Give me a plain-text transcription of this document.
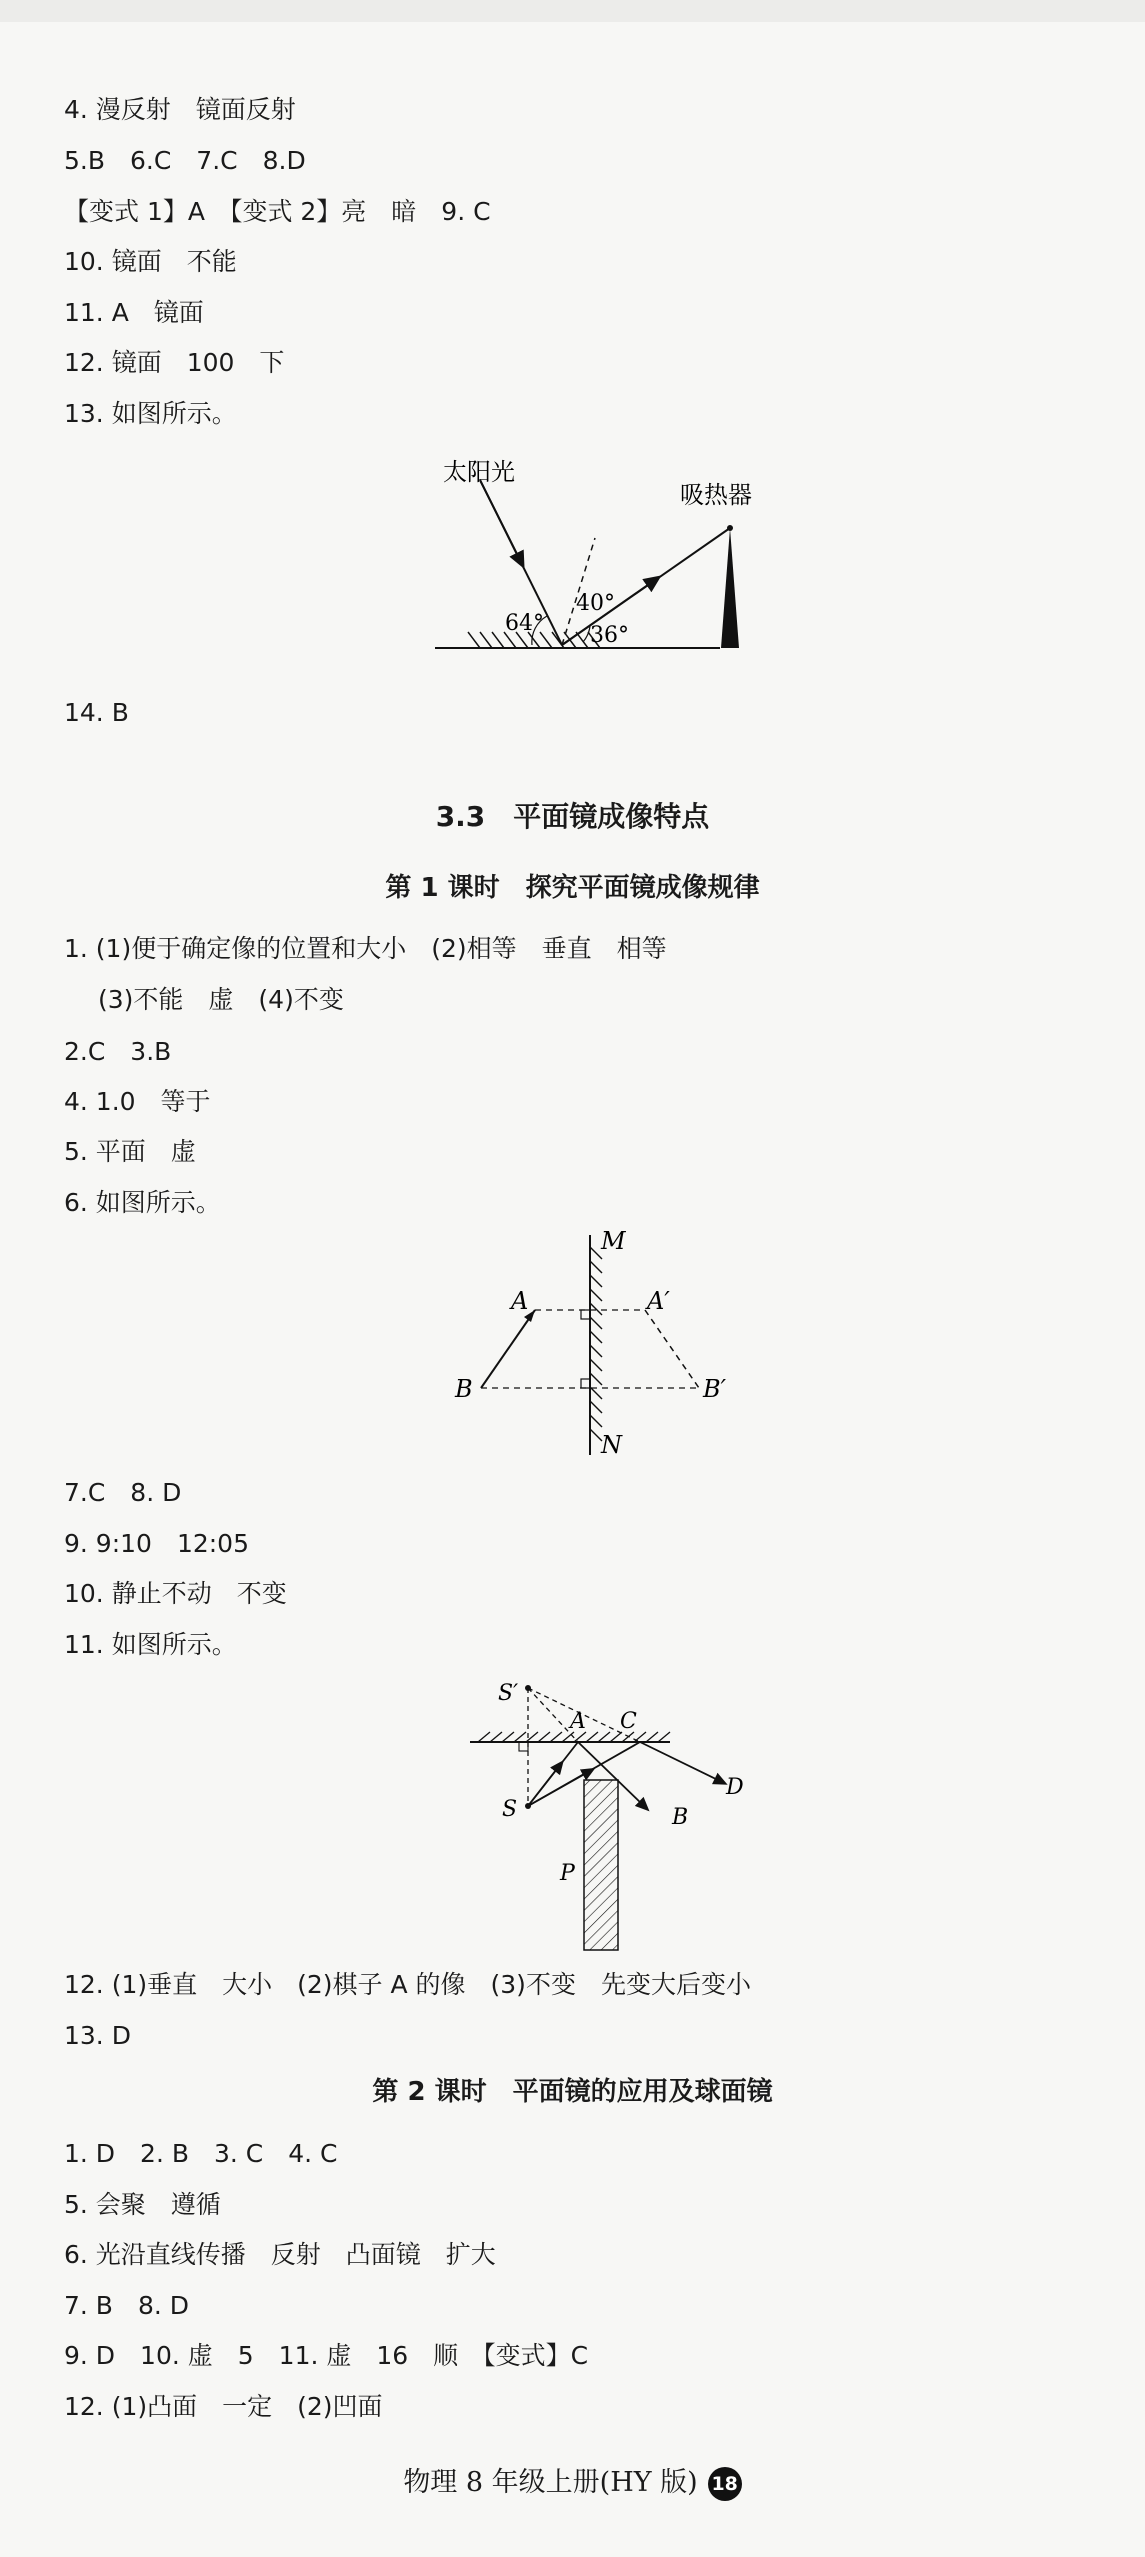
4. 漫反射　镜面反射
5.B　6.C　7.C　8.D
【变式 1】A　【变式 2】亮　暗　9. C
10. 镜面　不能
11. A　镜面
12. 镜面　100　下
13. 如图所示。
太阳光
吸热器
64°
40°
36°
14. B
3.3　平面镜成像特点
第 1 课时　探究平面镜成像规律
1. (1)便于确定像的位置和大小　(2)相等　垂直　相等
(3)不能　虚　(4)不变
2.C　3.B
4. 1.0　等于
5. 平面　虚
6. 如图所示。
M
N
A	A′
B	B′
7.C　8. D
9. 9:10　12:05
10. 静止不动　不变
11. 如图所示。
S′
A C
D
S	B
P
12. (1)垂直　大小　(2)棋子 A 的像　(3)不变　先变大后变小
13. D
第 2 课时　平面镜的应用及球面镜
1. D　2. B　3. C　4. C
5. 会聚　遵循
6. 光沿直线传播　反射　凸面镜　扩大
7. B　8. D
9. D　10. 虚　5　11. 虚　16　顺　【变式】C
12. (1)凸面　一定　(2)凹面
物理 8 年级上册(HY 版) 18
